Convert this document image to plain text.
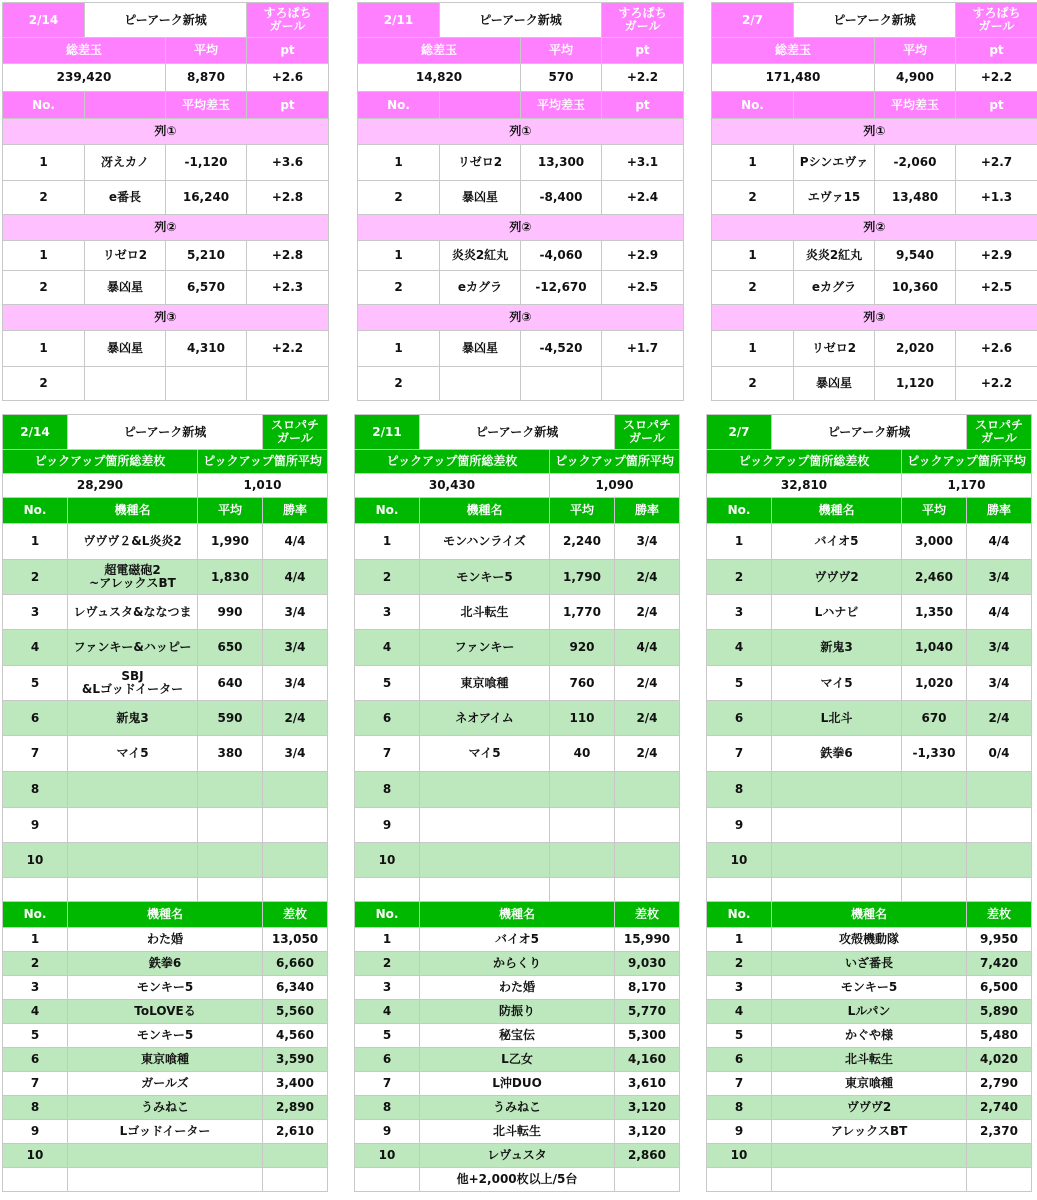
2/14	ピーアーク新城		すろぱち
ガール
総差玉		平均	pt
239,420		8,870	+2.6
No.		平均差玉	pt
列①			
1	冴えカノ	-1,120	+3.6
2	e番長	16,240	+2.8
列②			
1	リゼロ2	5,210	+2.8
2	暴凶星	6,570	+2.3
列③			
1	暴凶星	4,310	+2.2
2			
2/11	ピーアーク新城		すろぱち
ガール
総差玉		平均	pt
14,820		570	+2.2
No.		平均差玉	pt
列①			
1	リゼロ2	13,300	+3.1
2	暴凶星	-8,400	+2.4
列②			
1	炎炎2紅丸	-4,060	+2.9
2	eカグラ	-12,670	+2.5
列③			
1	暴凶星	-4,520	+1.7
2			
2/7	ピーアーク新城		すろぱち
ガール
総差玉		平均	pt
171,480		4,900	+2.2
No.		平均差玉	pt
列①			
1	Pシンエヴァ	-2,060	+2.7
2	エヴァ15	13,480	+1.3
列②			
1	炎炎2紅丸	9,540	+2.9
2	eカグラ	10,360	+2.5
列③			
1	リゼロ2	2,020	+2.6
2	暴凶星	1,120	+2.2
2/14	ピーアーク新城		スロパチ
ガール
ピックアップ箇所総差枚		ピックアップ箇所平均	
28,290		1,010	
No.	機種名	平均	勝率
1	ヴヴヴ２&L炎炎2	1,990	4/4
2	超電磁砲2
~アレックスBT	1,830	4/4
3	レヴュスタ&ななつま	990	3/4
4	ファンキー&ハッピー	650	3/4
5	SBJ
&Lゴッドイーター	640	3/4
6	新鬼3	590	2/4
7	マイ5	380	3/4
8			
9			
10			

No.	機種名		差枚
1	わた婚		13,050
2	鉄拳6		6,660
3	モンキー5		6,340
4	ToLOVEる		5,560
5	モンキー5		4,560
6	東京喰種		3,590
7	ガールズ		3,400
8	うみねこ		2,890
9	Lゴッドイーター		2,610
10			

2/11	ピーアーク新城		スロパチ
ガール
ピックアップ箇所総差枚		ピックアップ箇所平均	
30,430		1,090	
No.	機種名	平均	勝率
1	モンハンライズ	2,240	3/4
2	モンキー5	1,790	2/4
3	北斗転生	1,770	2/4
4	ファンキー	920	4/4
5	東京喰種	760	2/4
6	ネオアイム	110	2/4
7	マイ5	40	2/4
8			
9			
10			

No.	機種名		差枚
1	バイオ5		15,990
2	からくり		9,030
3	わた婚		8,170
4	防振り		5,770
5	秘宝伝		5,300
6	L乙女		4,160
7	L沖DUO		3,610
8	うみねこ		3,120
9	北斗転生		3,120
10	レヴュスタ		2,860
	他+2,000枚以上/5台		
2/7	ピーアーク新城		スロパチ
ガール
ピックアップ箇所総差枚		ピックアップ箇所平均	
32,810		1,170	
No.	機種名	平均	勝率
1	バイオ5	3,000	4/4
2	ヴヴヴ2	2,460	3/4
3	Lハナビ	1,350	4/4
4	新鬼3	1,040	3/4
5	マイ5	1,020	3/4
6	L北斗	670	2/4
7	鉄拳6	-1,330	0/4
8			
9			
10			

No.	機種名		差枚
1	攻殻機動隊		9,950
2	いざ番長		7,420
3	モンキー5		6,500
4	Lルパン		5,890
5	かぐや様		5,480
6	北斗転生		4,020
7	東京喰種		2,790
8	ヴヴヴ2		2,740
9	アレックスBT		2,370
10			
